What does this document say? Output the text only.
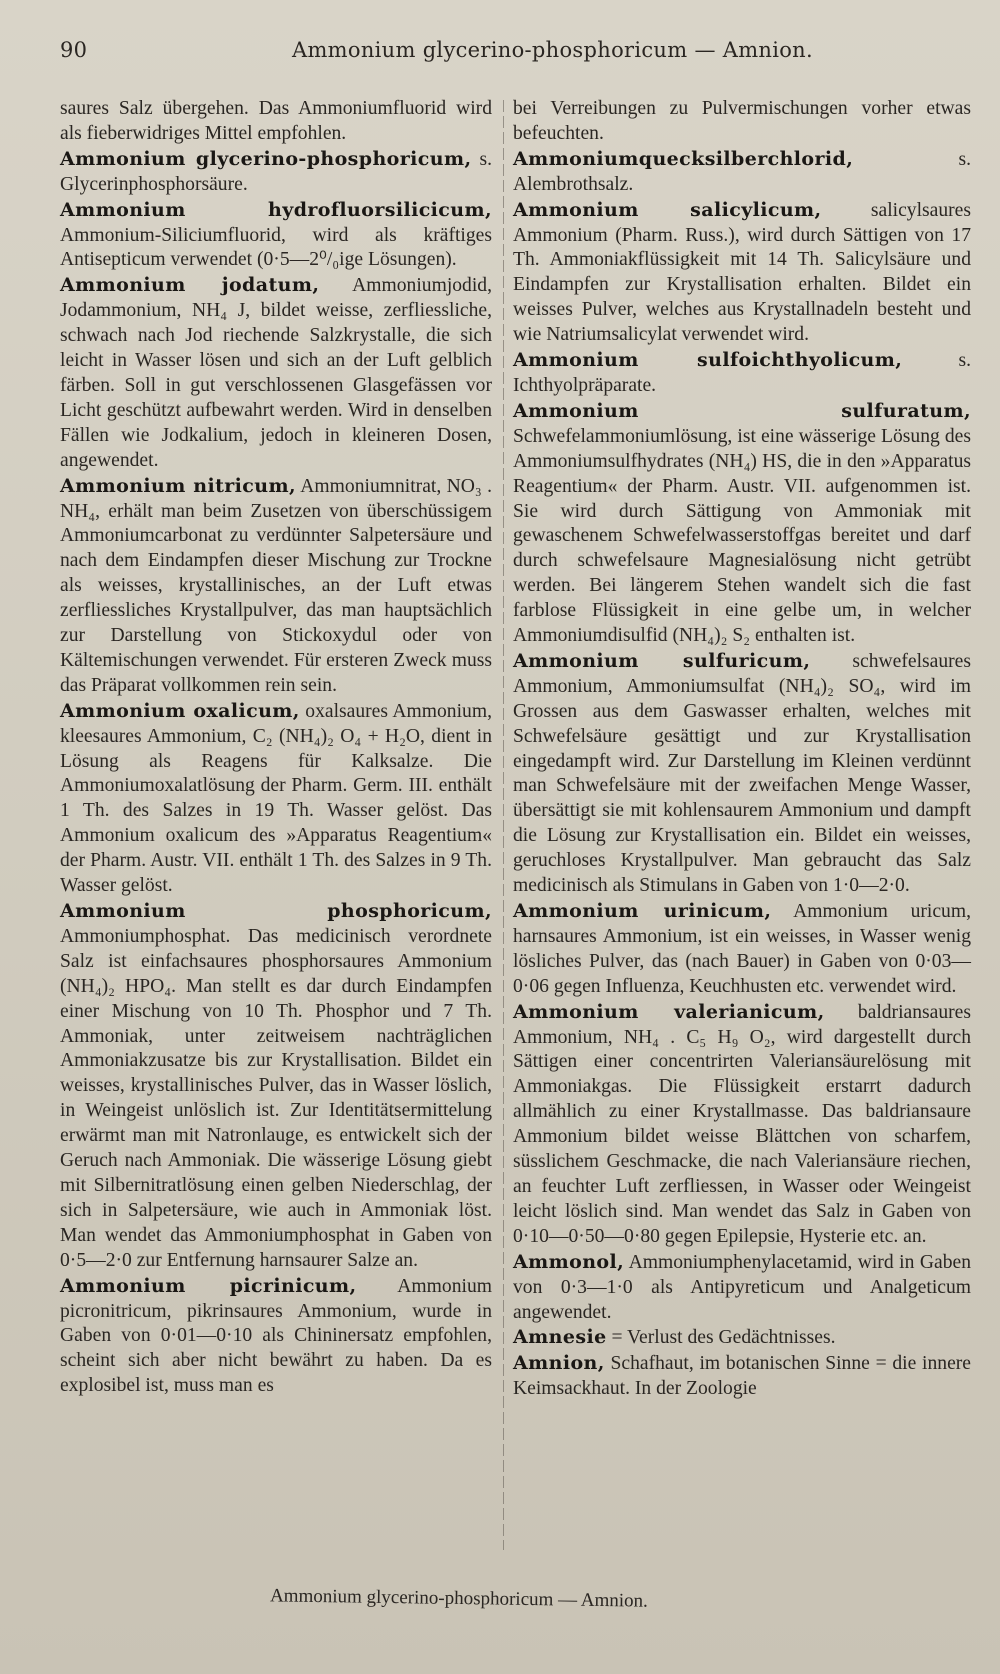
90	Ammonium glycerino-phosphoricum — Amnion.

saures Salz übergehen. Das Ammoniumfluorid wird als fieberwidriges Mittel empfohlen.

Ammonium glycerino-phosphoricum, s. Glycerinphosphorsäure.

Ammonium hydrofluorsilicicum, Ammonium-Siliciumfluorid, wird als kräftiges Antisepticum verwendet (0·5—2⁰/₀ige Lösungen).

Ammonium jodatum, Ammoniumjodid, Jodammonium, NH₄ J, bildet weisse, zerfliessliche, schwach nach Jod riechende Salzkrystalle, die sich leicht in Wasser lösen und sich an der Luft gelblich färben. Soll in gut verschlossenen Glasgefässen vor Licht geschützt aufbewahrt werden. Wird in denselben Fällen wie Jodkalium, jedoch in kleineren Dosen, angewendet.

Ammonium nitricum, Ammoniumnitrat, NO₃ . NH₄, erhält man beim Zusetzen von überschüssigem Ammoniumcarbonat zu verdünnter Salpetersäure und nach dem Eindampfen dieser Mischung zur Trockne als weisses, krystallinisches, an der Luft etwas zerfliessliches Krystallpulver, das man hauptsächlich zur Darstellung von Stickoxydul oder von Kältemischungen verwendet. Für ersteren Zweck muss das Präparat vollkommen rein sein.

Ammonium oxalicum, oxalsaures Ammonium, kleesaures Ammonium, C₂ (NH₄)₂ O₄ + H₂O, dient in Lösung als Reagens für Kalksalze. Die Ammoniumoxalatlösung der Pharm. Germ. III. enthält 1 Th. des Salzes in 19 Th. Wasser gelöst. Das Ammonium oxalicum des »Apparatus Reagentium« der Pharm. Austr. VII. enthält 1 Th. des Salzes in 9 Th. Wasser gelöst.

Ammonium phosphoricum, Ammoniumphosphat. Das medicinisch verordnete Salz ist einfachsaures phosphorsaures Ammonium (NH₄)₂ HPO₄. Man stellt es dar durch Eindampfen einer Mischung von 10 Th. Phosphor und 7 Th. Ammoniak, unter zeitweisem nachträglichen Ammoniakzusatze bis zur Krystallisation. Bildet ein weisses, krystallinisches Pulver, das in Wasser löslich, in Weingeist unlöslich ist. Zur Identitätsermittelung erwärmt man mit Natronlauge, es entwickelt sich der Geruch nach Ammoniak. Die wässerige Lösung giebt mit Silbernitratlösung einen gelben Niederschlag, der sich in Salpetersäure, wie auch in Ammoniak löst. Man wendet das Ammoniumphosphat in Gaben von 0·5—2·0 zur Entfernung harnsaurer Salze an.

Ammonium picrinicum, Ammonium picronitricum, pikrinsaures Ammonium, wurde in Gaben von 0·01—0·10 als Chininersatz empfohlen, scheint sich aber nicht bewährt zu haben. Da es explosibel ist, muss man es

bei Verreibungen zu Pulvermischungen vorher etwas befeuchten.

Ammoniumquecksilberchlorid, s. Alembrothsalz.

Ammonium salicylicum, salicylsaures Ammonium (Pharm. Russ.), wird durch Sättigen von 17 Th. Ammoniakflüssigkeit mit 14 Th. Salicylsäure und Eindampfen zur Krystallisation erhalten. Bildet ein weisses Pulver, welches aus Krystallnadeln besteht und wie Natriumsalicylat verwendet wird.

Ammonium sulfoichthyolicum, s. Ichthyolpräparate.

Ammonium sulfuratum, Schwefelammoniumlösung, ist eine wässerige Lösung des Ammoniumsulfhydrates (NH₄) HS, die in den »Apparatus Reagentium« der Pharm. Austr. VII. aufgenommen ist. Sie wird durch Sättigung von Ammoniak mit gewaschenem Schwefelwasserstoffgas bereitet und darf durch schwefelsaure Magnesialösung nicht getrübt werden. Bei längerem Stehen wandelt sich die fast farblose Flüssigkeit in eine gelbe um, in welcher Ammoniumdisulfid (NH₄)₂ S₂ enthalten ist.

Ammonium sulfuricum, schwefelsaures Ammonium, Ammoniumsulfat (NH₄)₂ SO₄, wird im Grossen aus dem Gaswasser erhalten, welches mit Schwefelsäure gesättigt und zur Krystallisation eingedampft wird. Zur Darstellung im Kleinen verdünnt man Schwefelsäure mit der zweifachen Menge Wasser, übersättigt sie mit kohlensaurem Ammonium und dampft die Lösung zur Krystallisation ein. Bildet ein weisses, geruchloses Krystallpulver. Man gebraucht das Salz medicinisch als Stimulans in Gaben von 1·0—2·0.

Ammonium urinicum, Ammonium uricum, harnsaures Ammonium, ist ein weisses, in Wasser wenig lösliches Pulver, das (nach Bauer) in Gaben von 0·03—0·06 gegen Influenza, Keuchhusten etc. verwendet wird.

Ammonium valerianicum, baldriansaures Ammonium, NH₄ . C₅ H₉ O₂, wird dargestellt durch Sättigen einer concentrirten Valeriansäurelösung mit Ammoniakgas. Die Flüssigkeit erstarrt dadurch allmählich zu einer Krystallmasse. Das baldriansaure Ammonium bildet weisse Blättchen von scharfem, süsslichem Geschmacke, die nach Valeriansäure riechen, an feuchter Luft zerfliessen, in Wasser oder Weingeist leicht löslich sind. Man wendet das Salz in Gaben von 0·10—0·50—0·80 gegen Epilepsie, Hysterie etc. an.

Ammonol, Ammoniumphenylacetamid, wird in Gaben von 0·3—1·0 als Antipyreticum und Analgeticum angewendet.

Amnesie = Verlust des Gedächtnisses.

Amnion, Schafhaut, im botanischen Sinne = die innere Keimsackhaut. In der Zoologie

Ammonium glycerino-phosphoricum — Amnion.
